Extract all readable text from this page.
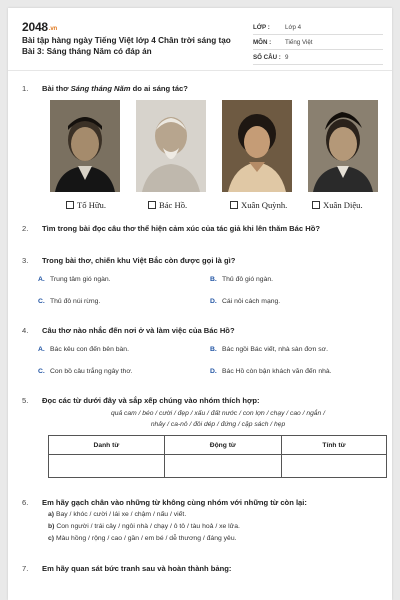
2048.vn
Bài tập hàng ngày Tiếng Việt lớp 4 Chân trời sáng tạo Bài 3: Sáng tháng Năm có đáp án
LỚP :	Lớp 4
MÔN :	Tiếng Việt
SỐ CÂU : 9
1.	Bài thơ Sáng tháng Năm do ai sáng tác?
Tố Hữu.	Bác Hồ.	Xuân Quỳnh.	Xuân Diệu.
2.	Tìm trong bài đọc câu thơ thể hiện cảm xúc của tác giả khi lên thăm Bác Hồ?
3.	Trong bài thơ, chiến khu Việt Bắc còn được gọi là gì?
A. Trung tâm gió ngàn.	B. Thủ đô gió ngàn.
C. Thủ đô núi rừng.	D. Cái nôi cách mạng.
4.	Câu thơ nào nhắc đến nơi ở và làm việc của Bác Hồ?
A. Bác kêu con đến bên bàn.	B. Bác ngồi Bác viết, nhà sàn đơn sơ.
C. Con bồ câu trắng ngây thơ.	D. Bác Hồ còn bận khách văn đến nhà.
5.	Đọc các từ dưới đây và sắp xếp chúng vào nhóm thích hợp:
quả cam / béo / cười / đẹp / xấu / đất nước / con lợn / chạy / cao / ngắn /
nhảy / ca-nô / đôi dép / đứng / cặp sách / hẹp
Danh từ	Động từ	Tính từ

6.	Em hãy gạch chân vào những từ không cùng nhóm với những từ còn lại:
a) Bay / khóc / cười / lái xe / chậm / nấu / viết.
b) Con người / trái cây / ngôi nhà / chạy / ô tô / tàu hoả / xe lửa.
c) Màu hồng / rộng / cao / gần / em bé / dễ thương / đáng yêu.
7.	Em hãy quan sát bức tranh sau và hoàn thành bảng:
